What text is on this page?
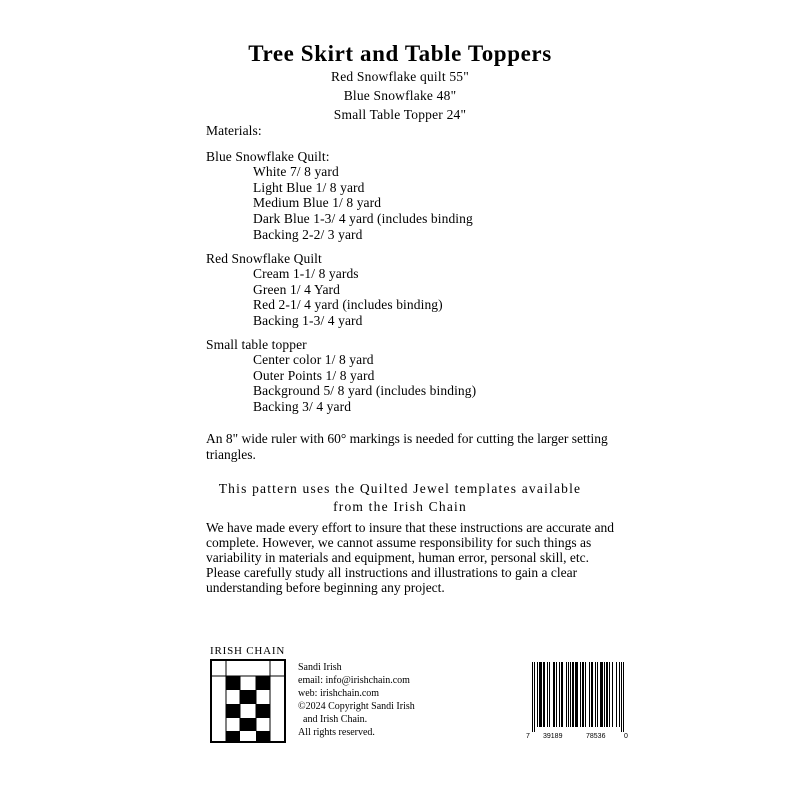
Tree Skirt and Table Toppers
Red Snowflake quilt 55"
Blue Snowflake 48"
Small Table Topper 24"
Materials:
Blue Snowflake Quilt:
White 7/ 8 yard
Light Blue 1/ 8 yard
Medium Blue 1/ 8 yard
Dark Blue 1-3/ 4 yard (includes binding
Backing 2-2/ 3 yard
Red Snowflake Quilt
Cream 1-1/ 8 yards
Green 1/ 4 Yard
Red 2-1/ 4 yard (includes binding)
Backing 1-3/ 4 yard
Small table topper
Center color 1/ 8 yard
Outer Points 1/ 8 yard
Background 5/ 8 yard (includes binding)
Backing 3/ 4 yard
An 8" wide ruler with 60° markings is needed for cutting the larger setting triangles.
This pattern uses the Quilted Jewel templates available
from the Irish Chain
We have made every effort to insure that these instructions are accurate and complete. However, we cannot assume responsibility for such things as variability in materials and equipment, human error, personal skill, etc. Please carefully study all instructions and illustrations to gain a clear understanding before beginning any project.
IRISH CHAIN
Sandi Irish
email: info@irishchain.com
web: irishchain.com
©2024 Copyright Sandi Irish
and Irish Chain.
All rights reserved.	7 39189	78536	0
